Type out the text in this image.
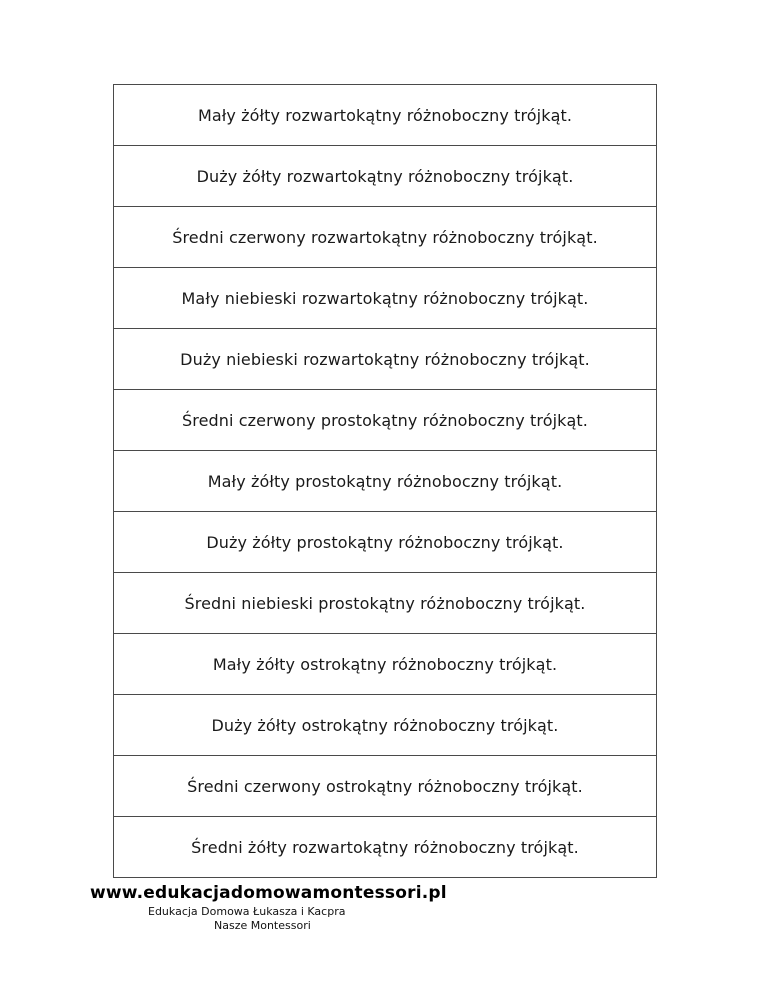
Mały żółty rozwartokątny różnoboczny trójkąt.
Duży żółty rozwartokątny różnoboczny trójkąt.
Średni czerwony rozwartokątny różnoboczny trójkąt.
Mały niebieski rozwartokątny różnoboczny trójkąt.
Duży niebieski rozwartokątny różnoboczny trójkąt.
Średni czerwony prostokątny różnoboczny trójkąt.
Mały żółty prostokątny różnoboczny trójkąt.
Duży żółty prostokątny różnoboczny trójkąt.
Średni niebieski prostokątny różnoboczny trójkąt.
Mały żółty ostrokątny różnoboczny trójkąt.
Duży żółty ostrokątny różnoboczny trójkąt.
Średni czerwony ostrokątny różnoboczny trójkąt.
Średni żółty rozwartokątny różnoboczny trójkąt.
www.edukacjadomowamontessori.pl
Edukacja Domowa Łukasza i Kacpra
Nasze Montessori
